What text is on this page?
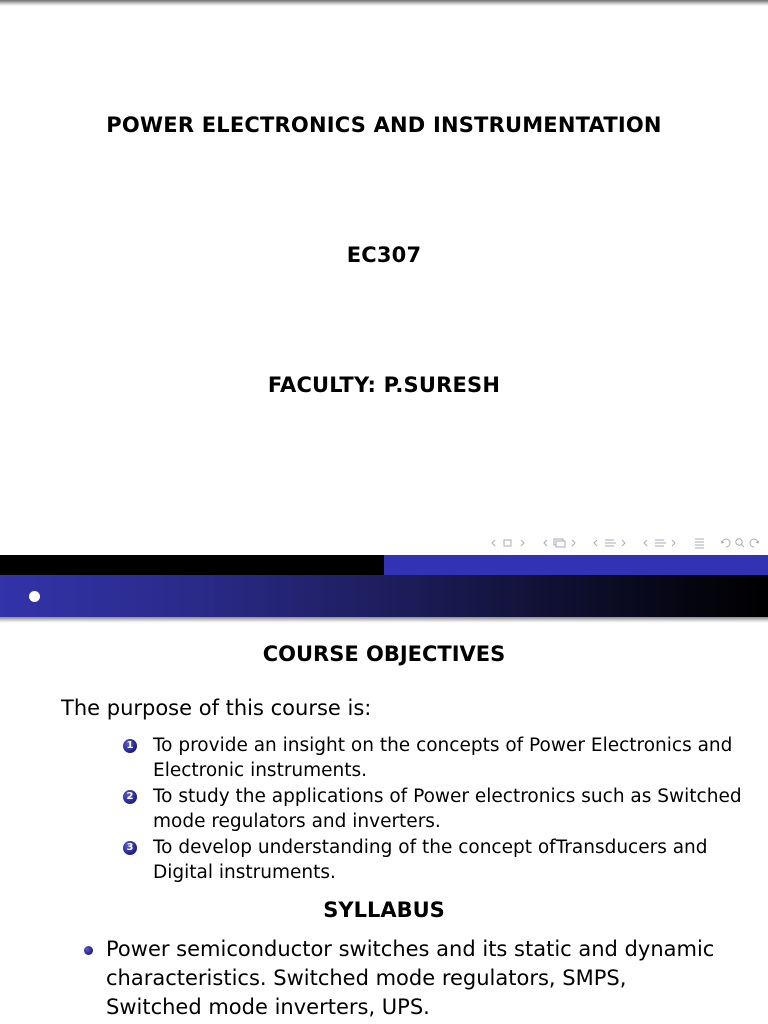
POWER ELECTRONICS AND INSTRUMENTATION
EC307
FACULTY: P.SURESH
COURSE OBJECTIVES
The purpose of this course is:
1 To provide an insight on the concepts of Power Electronics and Electronic instruments.
2 To study the applications of Power electronics such as Switched mode regulators and inverters.
3 To develop understanding of the concept ofTransducers and Digital instruments.
SYLLABUS
Power semiconductor switches and its static and dynamic characteristics. Switched mode regulators, SMPS, Switched mode inverters, UPS.
